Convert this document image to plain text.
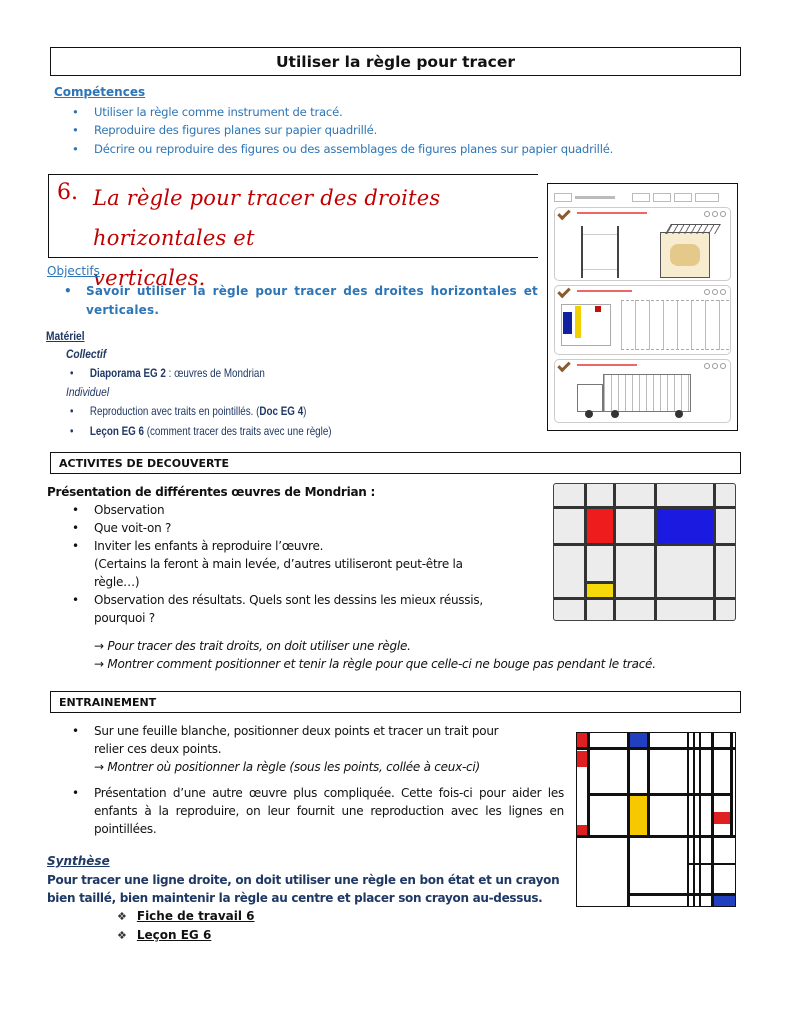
Utiliser la règle pour tracer
Compétences
• Utiliser la règle comme instrument de tracé.
• Reproduire des figures planes sur papier quadrillé.
• Décrire ou reproduire des figures ou des assemblages de figures planes sur papier quadrillé.
6. La règle pour tracer des droites horizontales et
verticales.
Objectifs
• Savoir utiliser la règle pour tracer des droites horizontales et verticales.
Matériel
Collectif
• Diaporama EG 2 : œuvres de Mondrian
Individuel
• Reproduction avec traits en pointillés. (Doc EG 4)
• Leçon EG 6 (comment tracer des traits avec une règle)
ACTIVITES DE DECOUVERTE
Présentation de différentes œuvres de Mondrian :
• Observation
• Que voit-on ?
• Inviter les enfants à reproduire l’œuvre.
(Certains la feront à main levée, d’autres utiliseront peut-être la
règle…)
• Observation des résultats. Quels sont les dessins les mieux réussis,
pourquoi ?
→ Pour tracer des trait droits, on doit utiliser une règle.
→ Montrer comment positionner et tenir la règle pour que celle-ci ne bouge pas pendant le tracé.
ENTRAINEMENT
• Sur une feuille blanche, positionner deux points et tracer un trait pour
relier ces deux points.
→ Montrer où positionner la règle (sous les points, collée à ceux-ci)
• Présentation d’une autre œuvre plus compliquée. Cette fois-ci pour aider les enfants à la reproduire, on leur fournit une reproduction avec les lignes en pointillées.
Synthèse
Pour tracer une ligne droite, on doit utiliser une règle en bon état et un crayon bien taillé, bien maintenir la règle au centre et placer son crayon au-dessus.
❖ Fiche de travail 6
❖ Leçon EG 6
